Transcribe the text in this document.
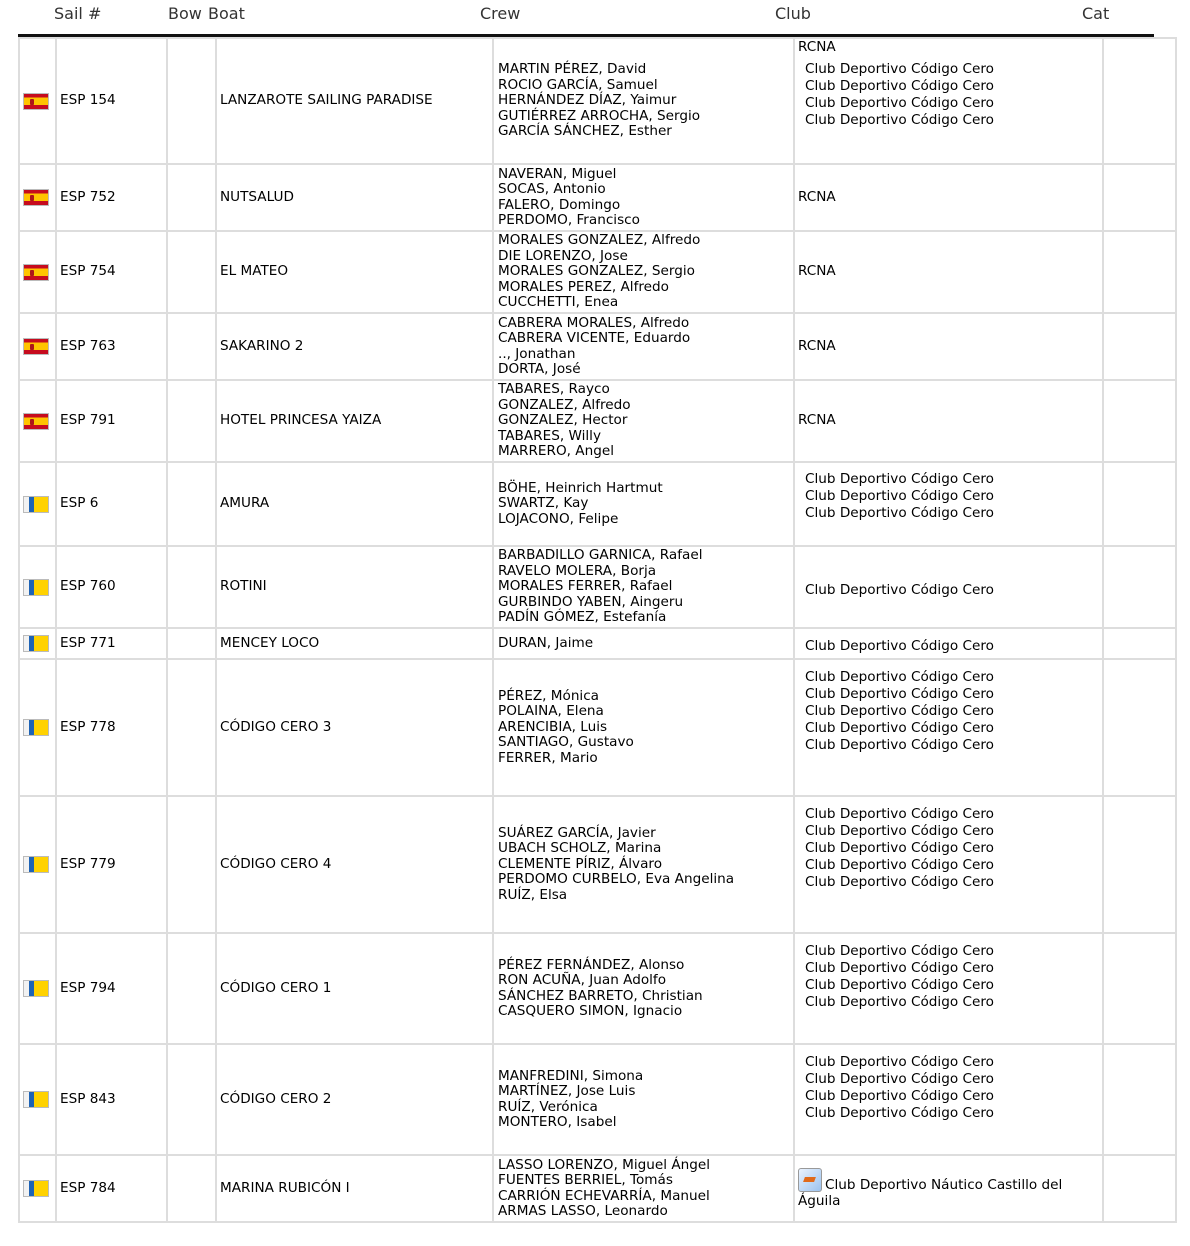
Sail #	Bow Boat	Crew	Club	Cat
	ESP 154		LANZAROTE SAILING PARADISE	MARTIN PÉREZ, David
ROCIO GARCÍA, Samuel
HERNÁNDEZ DÍAZ, Yaimur
GUTIÉRREZ ARROCHA, Sergio
GARCÍA SÁNCHEZ, Esther	RCNA
Club Deportivo Código Cero
Club Deportivo Código Cero
Club Deportivo Código Cero
Club Deportivo Código Cero	

	ESP 752		NUTSALUD	NAVERAN, Miguel
SOCAS, Antonio
FALERO, Domingo
PERDOMO, Francisco	RCNA	

	ESP 754		EL MATEO	MORALES GONZALEZ, Alfredo
DIE LORENZO, Jose
MORALES GONZALEZ, Sergio
MORALES PEREZ, Alfredo
CUCCHETTI, Enea	RCNA	

	ESP 763		SAKARINO 2	CABRERA MORALES, Alfredo
CABRERA VICENTE, Eduardo
.., Jonathan
DORTA, José	RCNA	

	ESP 791		HOTEL PRINCESA YAIZA	TABARES, Rayco
GONZALEZ, Alfredo
GONZALEZ, Hector
TABARES, Willy
MARRERO, Angel	RCNA	

	ESP 6		AMURA	BÖHE, Heinrich Hartmut
SWARTZ, Kay
LOJACONO, Felipe	Club Deportivo Código Cero
Club Deportivo Código Cero
Club Deportivo Código Cero	

	ESP 760		ROTINI	BARBADILLO GARNICA, Rafael
RAVELO MOLERA, Borja
MORALES FERRER, Rafael
GURBINDO YABEN, Aingeru
PADÍN GÓMEZ, Estefanía	Club Deportivo Código Cero	

	ESP 771		MENCEY LOCO	DURAN, Jaime	Club Deportivo Código Cero	

	ESP 778		CÓDIGO CERO 3	PÉREZ, Mónica
POLAINA, Elena
ARENCIBIA, Luis
SANTIAGO, Gustavo
FERRER, Mario	Club Deportivo Código Cero
Club Deportivo Código Cero
Club Deportivo Código Cero
Club Deportivo Código Cero
Club Deportivo Código Cero	

	ESP 779		CÓDIGO CERO 4	SUÁREZ GARCÍA, Javier
UBACH SCHOLZ, Marina
CLEMENTE PÍRIZ, Álvaro
PERDOMO CURBELO, Eva Angelina
RUÍZ, Elsa	Club Deportivo Código Cero
Club Deportivo Código Cero
Club Deportivo Código Cero
Club Deportivo Código Cero
Club Deportivo Código Cero	

	ESP 794		CÓDIGO CERO 1	PÉREZ FERNÁNDEZ, Alonso
RON ACUÑA, Juan Adolfo
SÁNCHEZ BARRETO, Christian
CASQUERO SIMON, Ignacio	Club Deportivo Código Cero
Club Deportivo Código Cero
Club Deportivo Código Cero
Club Deportivo Código Cero	

	ESP 843		CÓDIGO CERO 2	MANFREDINI, Simona
MARTÍNEZ, Jose Luis
RUÍZ, Verónica
MONTERO, Isabel	Club Deportivo Código Cero
Club Deportivo Código Cero
Club Deportivo Código Cero
Club Deportivo Código Cero	

	ESP 784		MARINA RUBICÓN I	LASSO LORENZO, Miguel Ángel
FUENTES BERRIEL, Tomás
CARRIÓN ECHEVARRÍA, Manuel
ARMAS LASSO, Leonardo	Club Deportivo Náutico Castillo del
Águila	
